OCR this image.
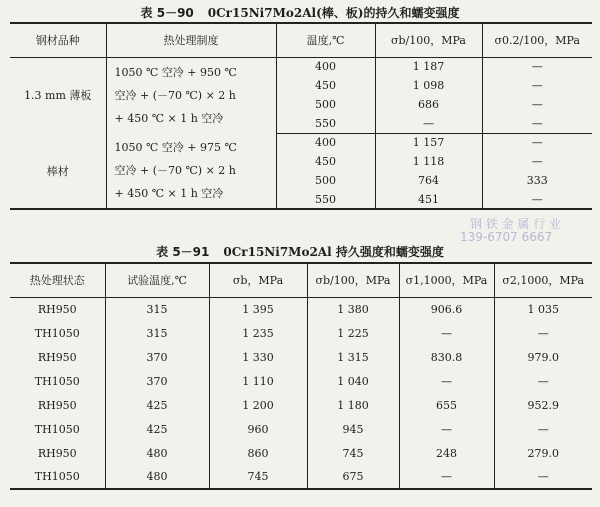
表 5－90 0Cr15Ni7Mo2Al(棒、板)的持久和蠕变强度
钢材品种	热处理制度	温度,℃	σb/100，MPa	σ0.2/100，MPa
1.3 mm 薄板	1050 ℃ 空冷 + 950 ℃
空冷 + (－70 ℃) × 2 h
+ 450 ℃ × 1 h 空冷	400	1 187	—
		450	1 098	—
		500	686	—
		550	—	—
棒材	1050 ℃ 空冷 + 975 ℃
空冷 + (－70 ℃) × 2 h
+ 450 ℃ × 1 h 空冷	400	1 157	—
		450	1 118	—
		500	764	333
		550	451	—
钢 铁 金 属 行 业
139-6707 6667
表 5－91 0Cr15Ni7Mo2Al 持久强度和蠕变强度
热处理状态	试验温度,℃	σb，MPa	σb/100，MPa	σ1,1000，MPa	σ2,1000，MPa
RH950	315	1 395	1 380	906.6	1 035
TH1050	315	1 235	1 225	—	—
RH950	370	1 330	1 315	830.8	979.0
TH1050	370	1 110	1 040	—	—
RH950	425	1 200	1 180	655	952.9
TH1050	425	960	945	—	—
RH950	480	860	745	248	279.0
TH1050	480	745	675	—	—
